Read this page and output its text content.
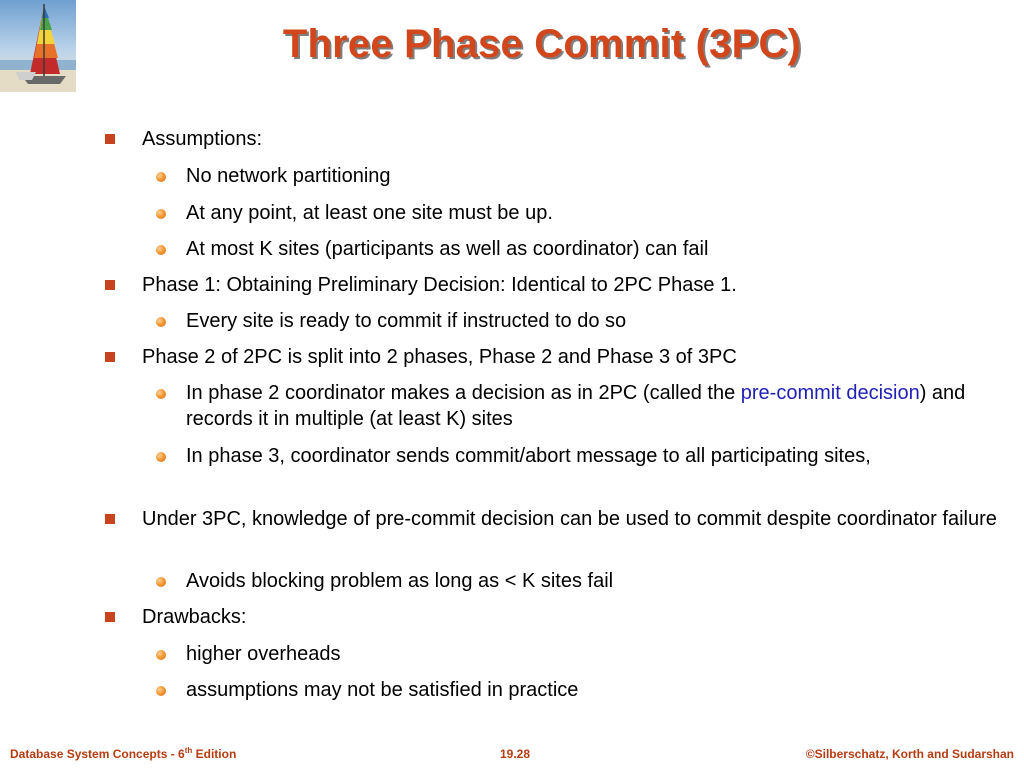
Three Phase Commit (3PC)
Assumptions:
No network partitioning
At any point, at least one site must be up.
At most K sites (participants as well as coordinator) can fail
Phase 1: Obtaining Preliminary Decision: Identical to 2PC Phase 1.
Every site is ready to commit if instructed to do so
Phase 2 of 2PC is split into 2 phases, Phase 2 and Phase 3 of 3PC
In phase 2 coordinator makes a decision as in 2PC (called the pre-commit decision) and records it in multiple (at least K) sites
In phase 3, coordinator sends commit/abort message to all participating sites,
Under 3PC, knowledge of pre-commit decision can be used to commit despite coordinator failure
Avoids blocking problem as long as < K sites fail
Drawbacks:
higher overheads
assumptions may not be satisfied in practice
Database System Concepts - 6th Edition	19.28	©Silberschatz, Korth and Sudarshan
